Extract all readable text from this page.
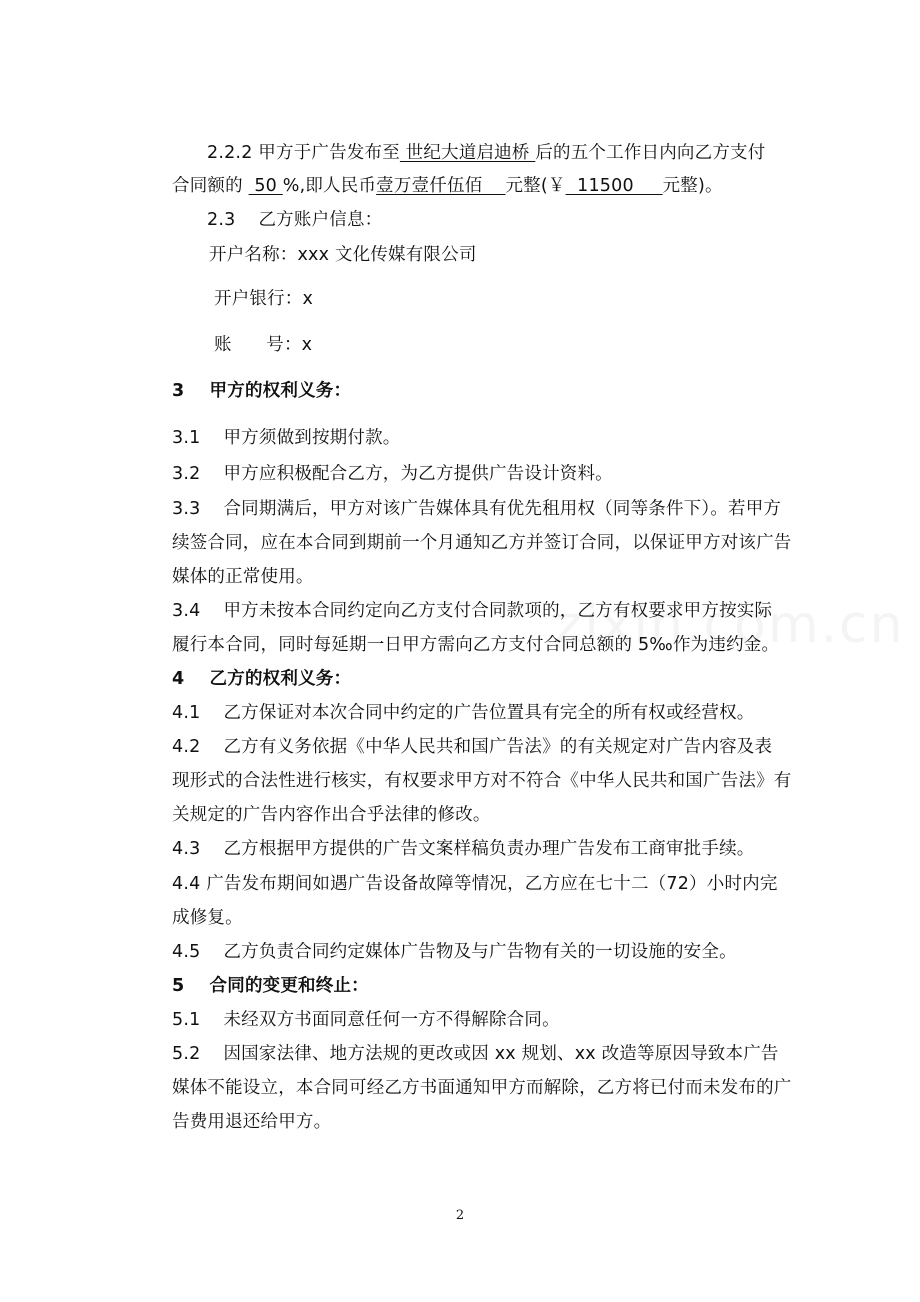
2.2.2 甲方于广告发布至 世纪大道启迪桥 后的五个工作日内向乙方支付
合同额的  50 %,即人民币壹万壹仟伍佰    元整(￥  11500     元整)。
2.3    乙方账户信息：
开户名称：xxx 文化传媒有限公司
开户银行：x
账      号：x
3    甲方的权利义务：
3.1    甲方须做到按期付款。
3.2    甲方应积极配合乙方，为乙方提供广告设计资料。
3.3    合同期满后，甲方对该广告媒体具有优先租用权（同等条件下）。若甲方
续签合同，应在本合同到期前一个月通知乙方并签订合同，以保证甲方对该广告
媒体的正常使用。
3.4    甲方未按本合同约定向乙方支付合同款项的，乙方有权要求甲方按实际
履行本合同，同时每延期一日甲方需向乙方支付合同总额的 5‰作为违约金。
4    乙方的权利义务：
4.1    乙方保证对本次合同中约定的广告位置具有完全的所有权或经营权。
4.2    乙方有义务依据《中华人民共和国广告法》的有关规定对广告内容及表
现形式的合法性进行核实，有权要求甲方对不符合《中华人民共和国广告法》有
关规定的广告内容作出合乎法律的修改。
4.3    乙方根据甲方提供的广告文案样稿负责办理广告发布工商审批手续。
4.4 广告发布期间如遇广告设备故障等情况，乙方应在七十二（72）小时内完
成修复。
4.5    乙方负责合同约定媒体广告物及与广告物有关的一切设施的安全。
5    合同的变更和终止：
5.1    未经双方书面同意任何一方不得解除合同。
5.2    因国家法律、地方法规的更改或因 xx 规划、xx 改造等原因导致本广告
媒体不能设立，本合同可经乙方书面通知甲方而解除，乙方将已付而未发布的广
告费用退还给甲方。
2
